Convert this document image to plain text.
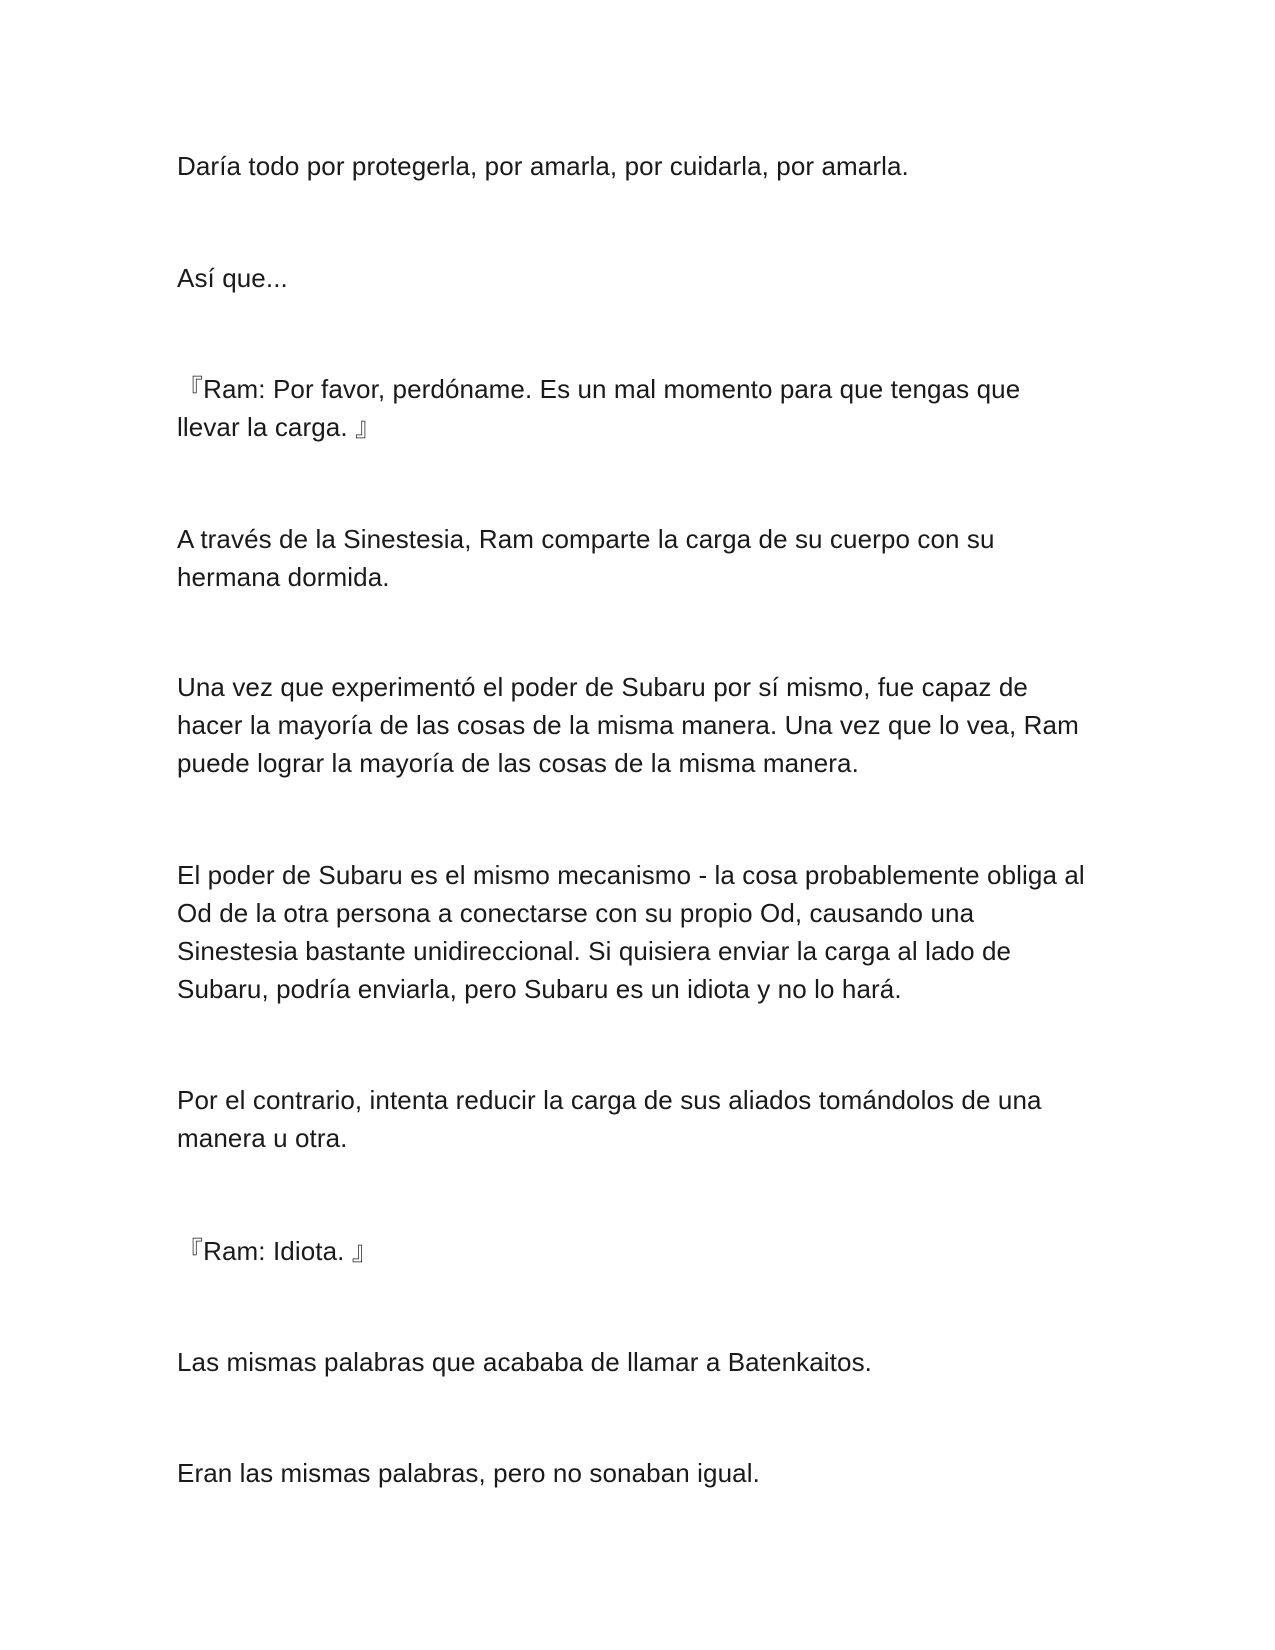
Daría todo por protegerla, por amarla, por cuidarla, por amarla.

Así que...

『Ram: Por favor, perdóname. Es un mal momento para que tengas que
llevar la carga. 』

A través de la Sinestesia, Ram comparte la carga de su cuerpo con su
hermana dormida.

Una vez que experimentó el poder de Subaru por sí mismo, fue capaz de
hacer la mayoría de las cosas de la misma manera. Una vez que lo vea, Ram
puede lograr la mayoría de las cosas de la misma manera.

El poder de Subaru es el mismo mecanismo - la cosa probablemente obliga al
Od de la otra persona a conectarse con su propio Od, causando una
Sinestesia bastante unidireccional. Si quisiera enviar la carga al lado de
Subaru, podría enviarla, pero Subaru es un idiota y no lo hará.

Por el contrario, intenta reducir la carga de sus aliados tomándolos de una
manera u otra.

『Ram: Idiota. 』

Las mismas palabras que acababa de llamar a Batenkaitos.

Eran las mismas palabras, pero no sonaban igual.
